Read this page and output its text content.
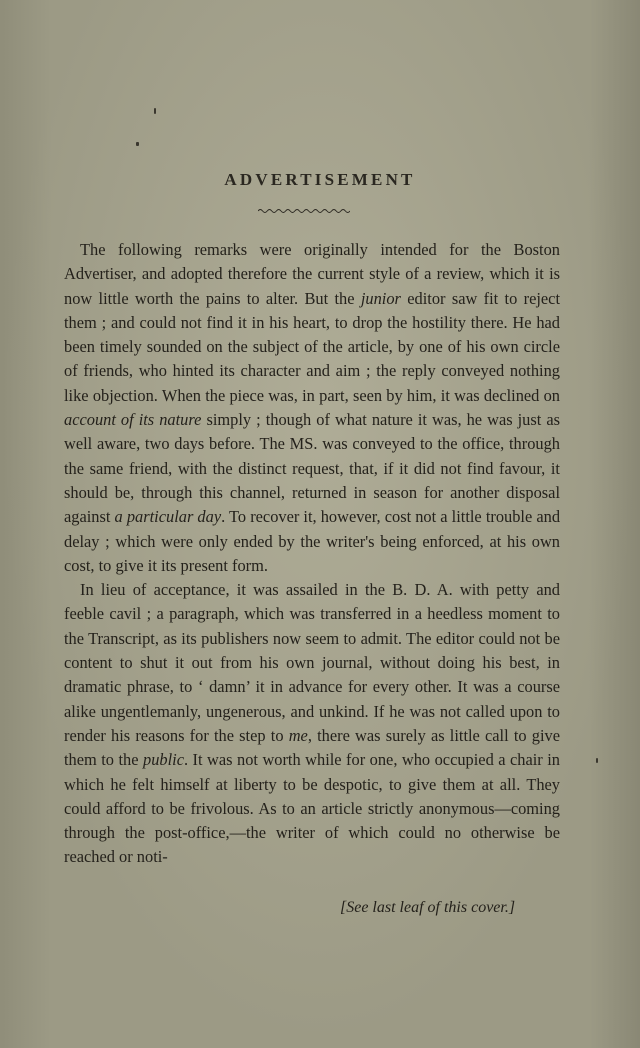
ADVERTISEMENT

The following remarks were originally intended for the Boston Advertiser, and adopted therefore the current style of a review, which it is now little worth the pains to alter. But the junior editor saw fit to reject them ; and could not find it in his heart, to drop the hostility there. He had been timely sounded on the subject of the article, by one of his own circle of friends, who hinted its character and aim ; the reply conveyed nothing like objection. When the piece was, in part, seen by him, it was declined on account of its nature simply ; though of what nature it was, he was just as well aware, two days before. The MS. was conveyed to the office, through the same friend, with the distinct request, that, if it did not find favour, it should be, through this channel, returned in season for another disposal against a particular day. To recover it, however, cost not a little trouble and delay ; which were only ended by the writer's being enforced, at his own cost, to give it its present form.

In lieu of acceptance, it was assailed in the B. D. A. with petty and feeble cavil ; a paragraph, which was transferred in a heedless moment to the Transcript, as its publishers now seem to admit. The editor could not be content to shut it out from his own journal, without doing his best, in dramatic phrase, to ‘ damn’ it in advance for every other. It was a course alike ungentlemanly, ungenerous, and unkind. If he was not called upon to render his reasons for the step to me, there was surely as little call to give them to the public. It was not worth while for one, who occupied a chair in which he felt himself at liberty to be despotic, to give them at all. They could afford to be frivolous. As to an article strictly anonymous—coming through the post-office,—the writer of which could no otherwise be reached or noti-

[See last leaf of this cover.]
